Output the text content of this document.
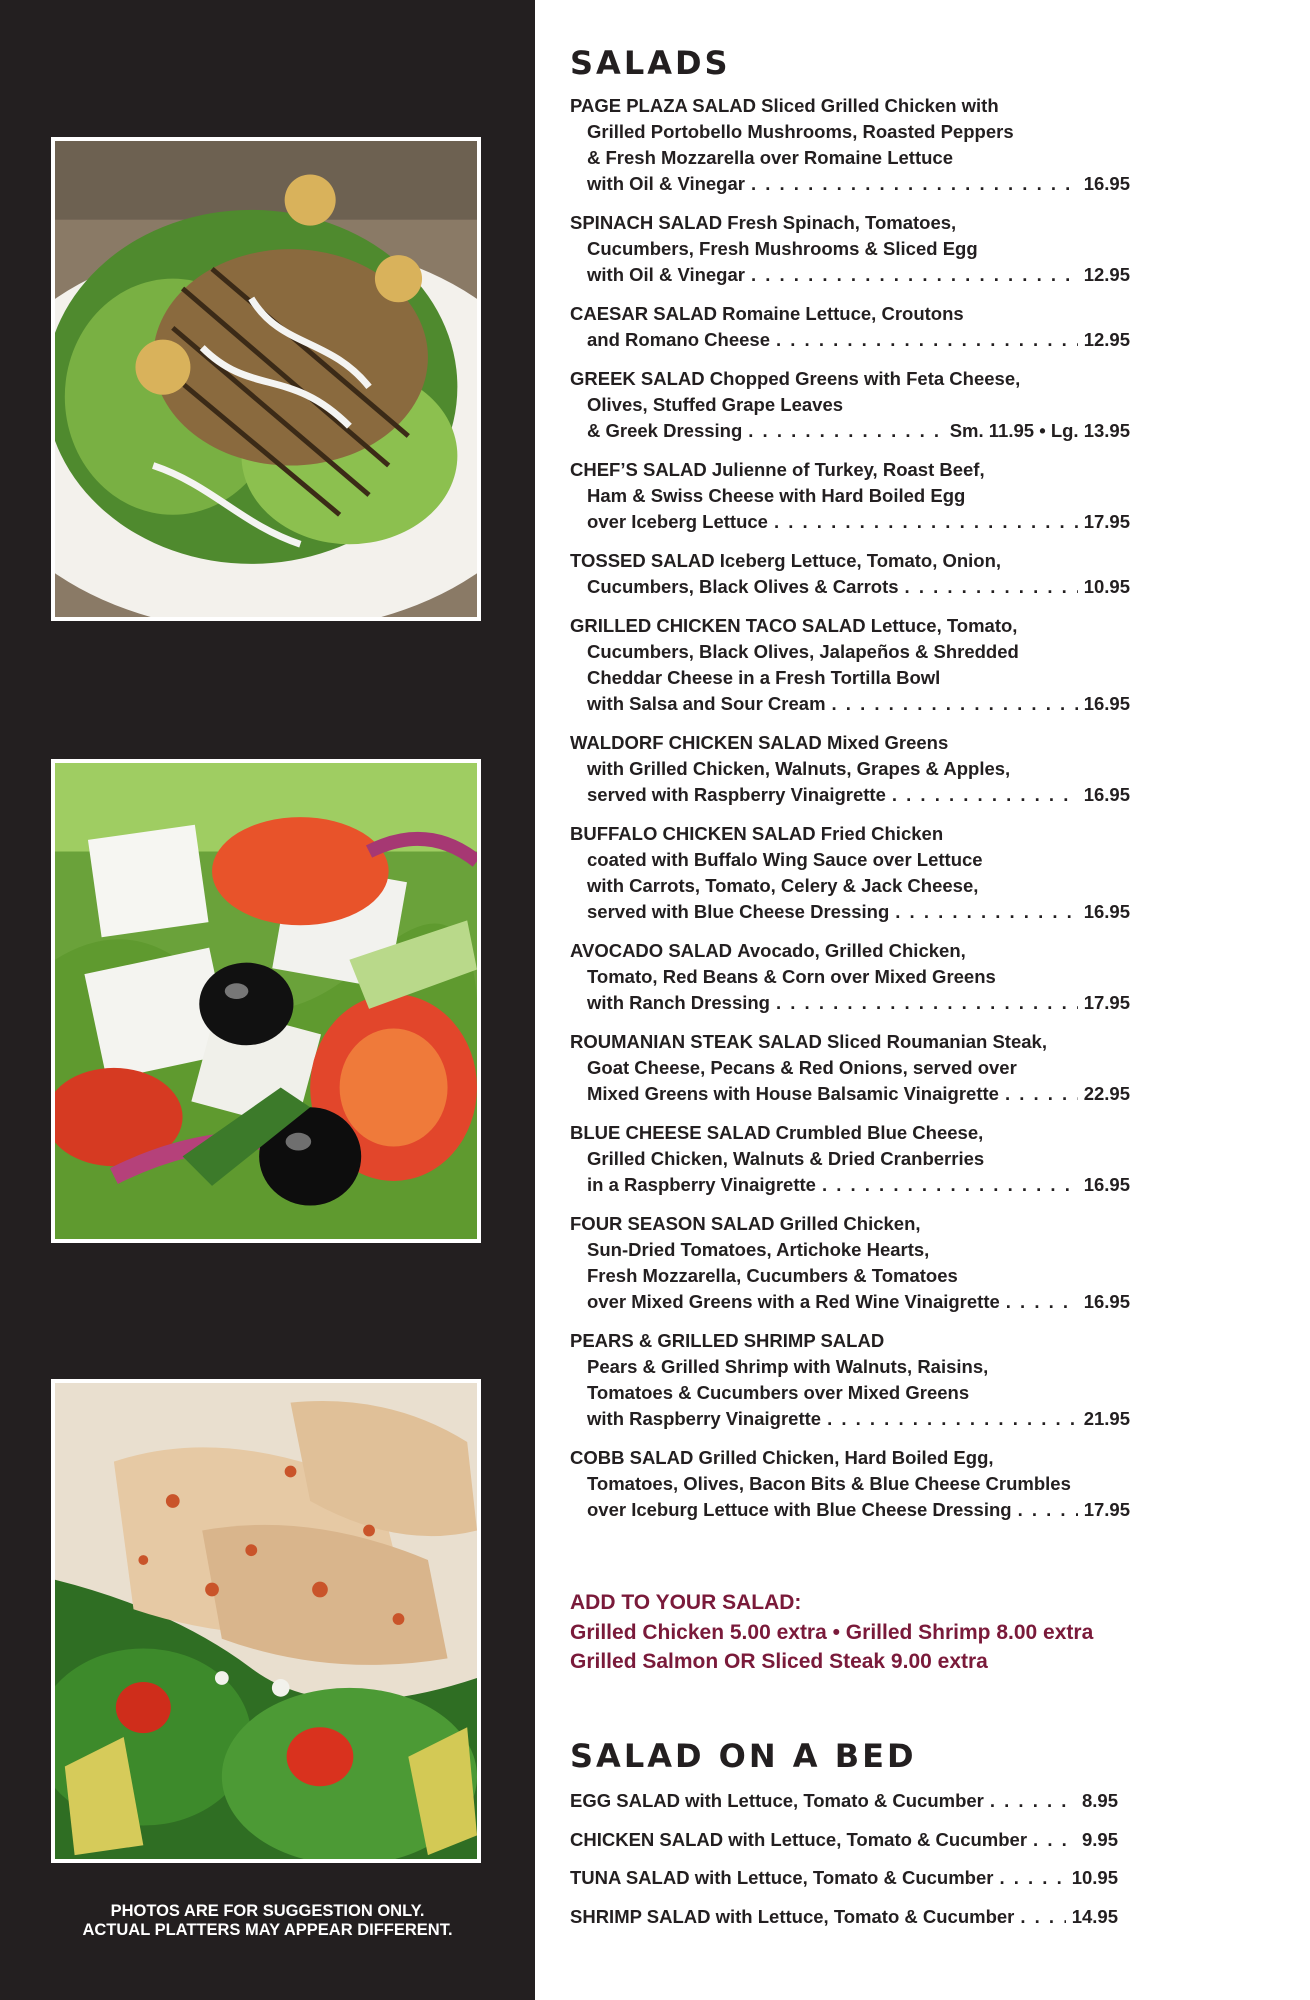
PHOTOS ARE FOR SUGGESTION ONLY.
ACTUAL PLATTERS MAY APPEAR DIFFERENT.
SALADS
PAGE PLAZA SALAD Sliced Grilled Chicken with
Grilled Portobello Mushrooms, Roasted Peppers
& Fresh Mozzarella over Romaine Lettuce
with Oil & Vinegar . . .	16.95
SPINACH SALAD Fresh Spinach, Tomatoes,
Cucumbers, Fresh Mushrooms & Sliced Egg
with Oil & Vinegar . . .	12.95
CAESAR SALAD Romaine Lettuce, Croutons
and Romano Cheese . . .	12.95
GREEK SALAD Chopped Greens with Feta Cheese,
Olives, Stuffed Grape Leaves
& Greek Dressing . . .	Sm. 11.95 • Lg. 13.95
CHEF’S SALAD Julienne of Turkey, Roast Beef,
Ham & Swiss Cheese with Hard Boiled Egg
over Iceberg Lettuce . . .	17.95
TOSSED SALAD Iceberg Lettuce, Tomato, Onion,
Cucumbers, Black Olives & Carrots . . .	10.95
GRILLED CHICKEN TACO SALAD Lettuce, Tomato,
Cucumbers, Black Olives, Jalapeños & Shredded
Cheddar Cheese in a Fresh Tortilla Bowl
with Salsa and Sour Cream . . .	16.95
WALDORF CHICKEN SALAD Mixed Greens
with Grilled Chicken, Walnuts, Grapes & Apples,
served with Raspberry Vinaigrette . . .	16.95
BUFFALO CHICKEN SALAD Fried Chicken
coated with Buffalo Wing Sauce over Lettuce
with Carrots, Tomato, Celery & Jack Cheese,
served with Blue Cheese Dressing . . .	16.95
AVOCADO SALAD Avocado, Grilled Chicken,
Tomato, Red Beans & Corn over Mixed Greens
with Ranch Dressing . . .	17.95
ROUMANIAN STEAK SALAD Sliced Roumanian Steak,
Goat Cheese, Pecans & Red Onions, served over
Mixed Greens with House Balsamic Vinaigrette . . .	22.95
BLUE CHEESE SALAD Crumbled Blue Cheese,
Grilled Chicken, Walnuts & Dried Cranberries
in a Raspberry Vinaigrette . . .	16.95
FOUR SEASON SALAD Grilled Chicken,
Sun-Dried Tomatoes, Artichoke Hearts,
Fresh Mozzarella, Cucumbers & Tomatoes
over Mixed Greens with a Red Wine Vinaigrette . . .	16.95
PEARS & GRILLED SHRIMP SALAD
Pears & Grilled Shrimp with Walnuts, Raisins,
Tomatoes & Cucumbers over Mixed Greens
with Raspberry Vinaigrette . . .	21.95
COBB SALAD Grilled Chicken, Hard Boiled Egg,
Tomatoes, Olives, Bacon Bits & Blue Cheese Crumbles
over Iceburg Lettuce with Blue Cheese Dressing . . .	17.95
ADD TO YOUR SALAD:
Grilled Chicken 5.00 extra • Grilled Shrimp 8.00 extra
Grilled Salmon OR Sliced Steak 9.00 extra
SALAD ON A BED
EGG SALAD with Lettuce, Tomato & Cucumber . . .	8.95
CHICKEN SALAD with Lettuce, Tomato & Cucumber . . .	9.95
TUNA SALAD with Lettuce, Tomato & Cucumber . . .	10.95
SHRIMP SALAD with Lettuce, Tomato & Cucumber . . .	14.95
